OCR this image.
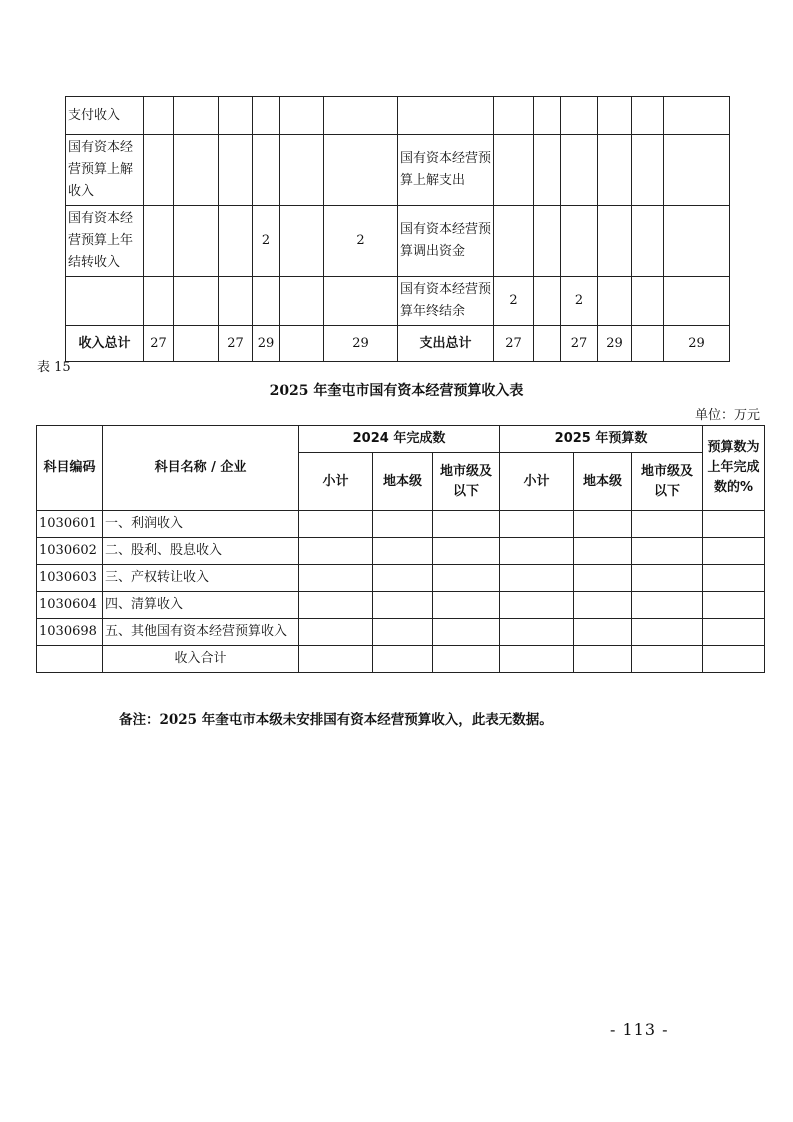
支付收入													
国有资本经营预算上解收入							国有资本经营预算上解支出						
国有资本经营预算上年结转收入				2		2	国有资本经营预算调出资金						
							国有资本经营预算年终结余	2		2			
收入总计	27		27	29		29	支出总计	27		27	29		29
表 15
2025 年奎屯市国有资本经营预算收入表
单位：万元
科目编码	科目名称 / 企业	2024 年完成数			2025 年预算数			预算数为上年完成数的%
		小计	地本级	地市级及以下	小计	地本级	地市级及以下	
1030601	一、利润收入							
1030602	二、股利、股息收入							
1030603	三、产权转让收入							
1030604	四、清算收入							
1030698	五、其他国有资本经营预算收入							
	收入合计							
备注：2025 年奎屯市本级未安排国有资本经营预算收入，此表无数据。
- 113 -
